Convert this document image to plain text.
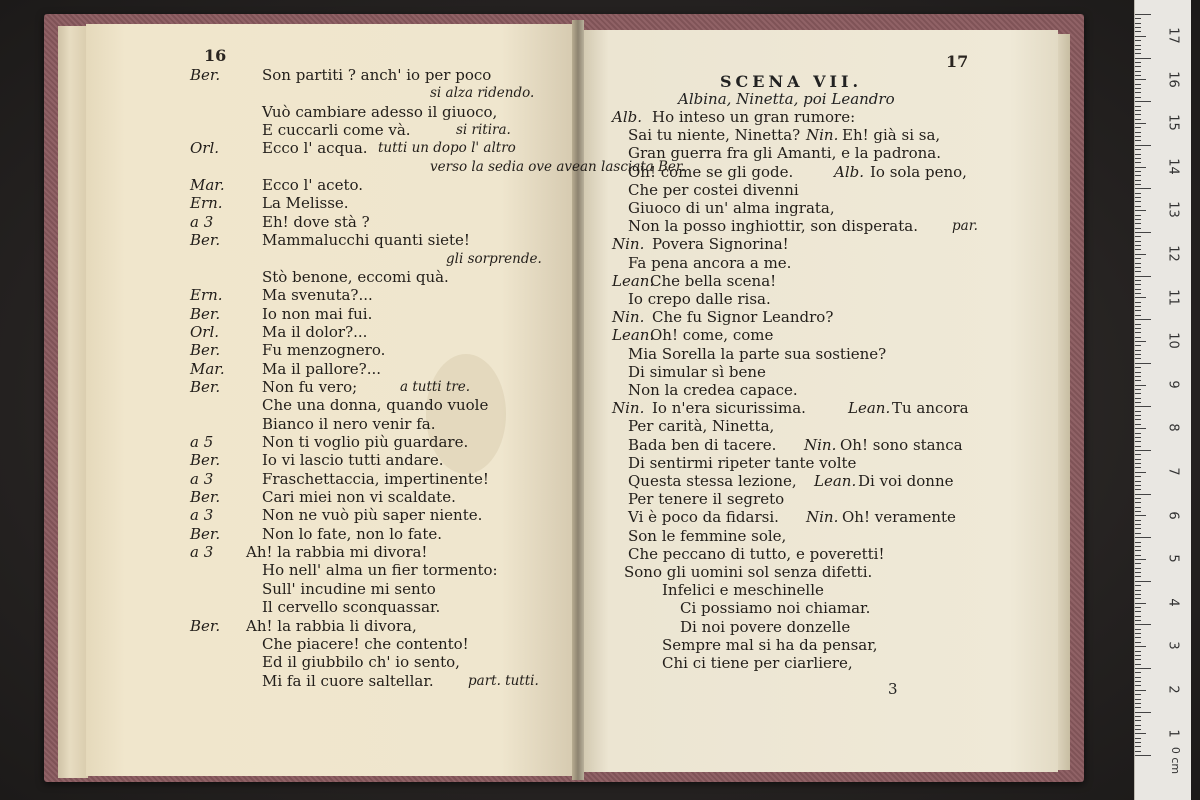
16	17
SCENA VII.
Albina, Ninetta, poi Leandro
3
Ber.	Son partiti ? anch' io per poco
si alza ridendo.
Vuò cambiare adesso il giuoco,
E cuccarli come và.	si ritira.
Orl.	Ecco l' acqua. tutti un dopo l' altro
verso la sedia ove avean lasciata Ber.
Mar. Ecco l' aceto.
Ern.	La Melisse.
a 3	Eh! dove stà ?
Ber.	Mammalucchi quanti siete!
gli sorprende.
Stò benone, eccomi quà.
Ern.	Ma svenuta?...
Ber.	Io non mai fui.
Orl.	Ma il dolor?...
Ber.	Fu menzognero.
Mar. Ma il pallore?...
Ber.	Non fu vero;	a tutti tre.
Che una donna, quando vuole
Bianco il nero venir fa.
a 5	Non ti voglio più guardare.
Ber.	Io vi lascio tutti andare.
a 3	Fraschettaccia, impertinente!
Ber.	Cari miei non vi scaldate.
a 3	Non ne vuò più saper niente.
Ber.	Non lo fate, non lo fate.
a 3 Ah! la rabbia mi divora!
Ho nell' alma un fier tormento:
Sull' incudine mi sento
Il cervello sconquassar.
Ber. Ah! la rabbia li divora,
Che piacere! che contento!
Ed il giubbilo ch' io sento,
Mi fa il cuore saltellar.	part. tutti.
Alb. Ho inteso un gran rumore:
Sai tu niente, Ninetta? Nin. Eh! già si sa,
Gran guerra fra gli Amanti, e la padrona.
Oh! come se gli gode.	Alb. Io sola peno,
Che per costei divenni
Giuoco di un' alma ingrata,
Non la posso inghiottir, son disperata.	par.
Nin. Povera Signorina!
Fa pena ancora a me.
Lean.
Che bella scena!
Io crepo dalle risa.
Nin. Che fu Signor Leandro?
Lean.
Oh! come, come
Mia Sorella la parte sua sostiene?
Di simular sì bene
Non la credea capace.
Nin. Io n'era sicurissima.	Lean. Tu ancora
Per carità, Ninetta,
Bada ben di tacere. Nin. Oh! sono stanca
Di sentirmi ripeter tante volte
Questa stessa lezione, Lean. Di voi donne
Per tenere il segreto
Vi è poco da fidarsi. Nin. Oh! veramente
Son le femmine sole,
Che peccano di tutto, e poveretti!
Sono gli uomini sol senza difetti.
Infelici e meschinelle
Ci possiamo noi chiamar.
Di noi povere donzelle
Sempre mal si ha da pensar,
Chi ci tiene per ciarliere,
17
16
15
14
13
12
11
10
9
8
7
6
5
4
3
2
1
0 cm
